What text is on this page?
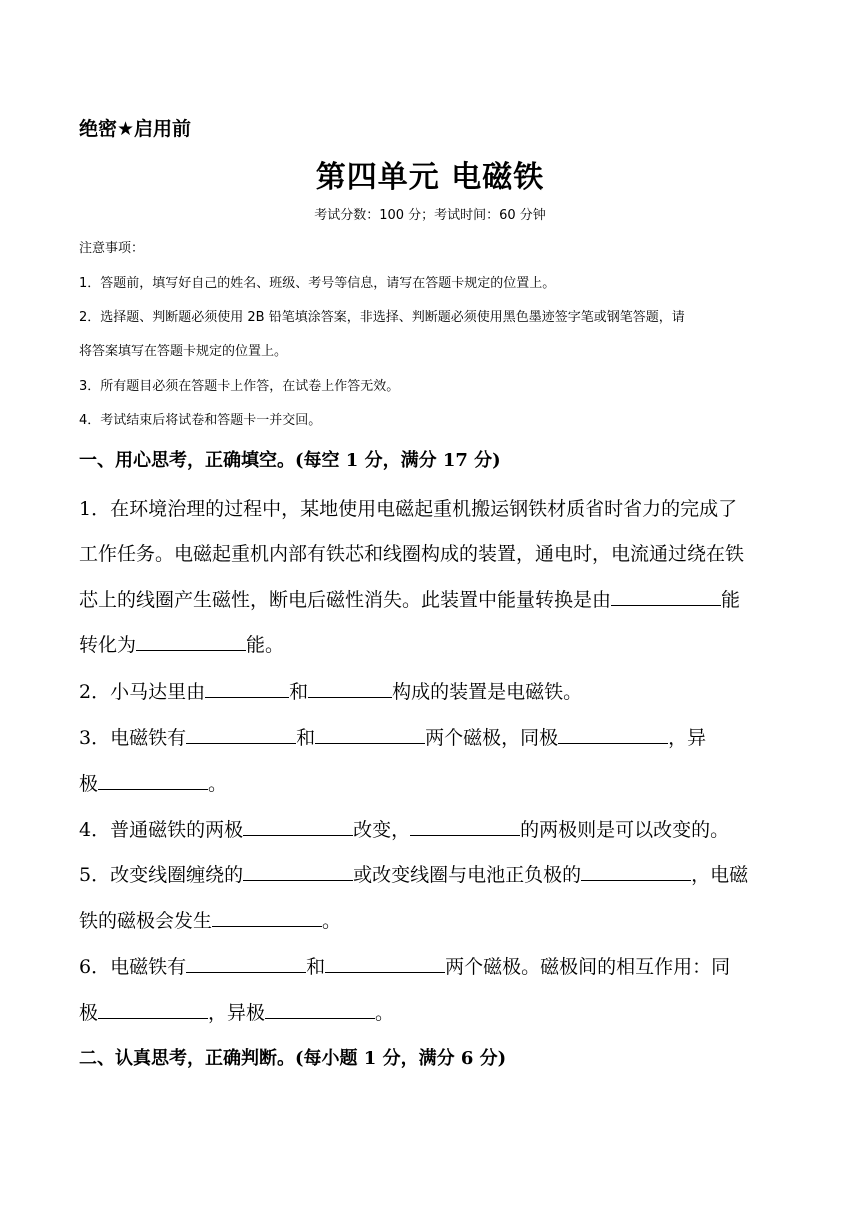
绝密★启用前
第四单元 电磁铁
考试分数：100 分；考试时间：60 分钟
注意事项：
1．答题前，填写好自己的姓名、班级、考号等信息，请写在答题卡规定的位置上。
2．选择题、判断题必须使用 2B 铅笔填涂答案，非选择、判断题必须使用黑色墨迹签字笔或钢笔答题，请
将答案填写在答题卡规定的位置上。
3．所有题目必须在答题卡上作答，在试卷上作答无效。
4．考试结束后将试卷和答题卡一并交回。
一、用心思考，正确填空。(每空 1 分，满分 17 分)
1．在环境治理的过程中，某地使用电磁起重机搬运钢铁材质省时省力的完成了
工作任务。电磁起重机内部有铁芯和线圈构成的装置，通电时，电流通过绕在铁
芯上的线圈产生磁性，断电后磁性消失。此装置中能量转换是由	能
转化为	能。
2．小马达里由	和	构成的装置是电磁铁。
3．电磁铁有	和	两个磁极，同极	，异
极	。
4．普通磁铁的两极	改变，	的两极则是可以改变的。
5．改变线圈缠绕的	或改变线圈与电池正负极的	，电磁
铁的磁极会发生	。
6．电磁铁有	和	两个磁极。磁极间的相互作用：同
极	，异极	。
二、认真思考，正确判断。(每小题 1 分，满分 6 分)
